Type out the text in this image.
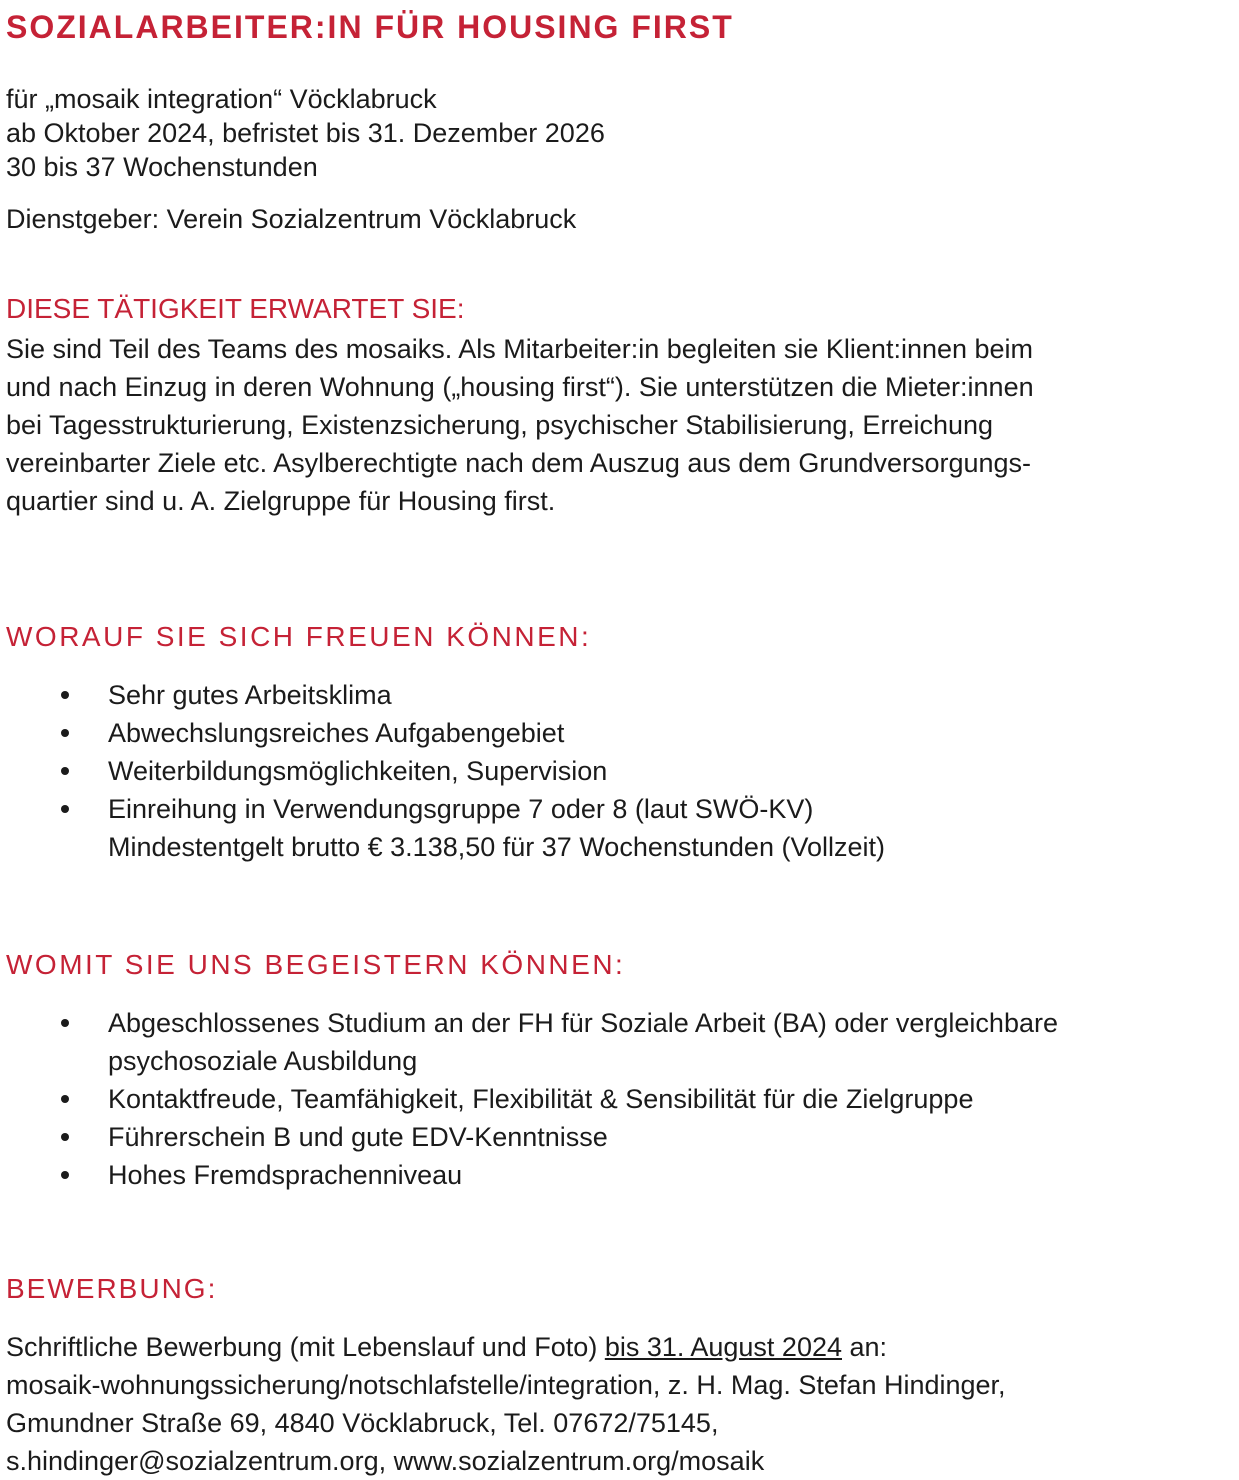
SOZIALARBEITER:IN FÜR HOUSING FIRST
für „mosaik integration“ Vöcklabruck
ab Oktober 2024, befristet bis 31. Dezember 2026
30 bis 37 Wochenstunden
Dienstgeber: Verein Sozialzentrum Vöcklabruck
DIESE TÄTIGKEIT ERWARTET SIE:
Sie sind Teil des Teams des mosaiks. Als Mitarbeiter:in begleiten sie Klient:innen beim
und nach Einzug in deren Wohnung („housing first“). Sie unterstützen die Mieter:innen
bei Tagesstrukturierung, Existenzsicherung, psychischer Stabilisierung, Erreichung
vereinbarter Ziele etc. Asylberechtigte nach dem Auszug aus dem Grundversorgungs-
quartier sind u. A. Zielgruppe für Housing first.
WORAUF SIE SICH FREUEN KÖNNEN:
Sehr gutes Arbeitsklima
Abwechslungsreiches Aufgabengebiet
Weiterbildungsmöglichkeiten, Supervision
Einreihung in Verwendungsgruppe 7 oder 8 (laut SWÖ-KV)
Mindestentgelt brutto € 3.138,50 für 37 Wochenstunden (Vollzeit)
WOMIT SIE UNS BEGEISTERN KÖNNEN:
Abgeschlossenes Studium an der FH für Soziale Arbeit (BA) oder vergleichbare
psychosoziale Ausbildung
Kontaktfreude, Teamfähigkeit, Flexibilität & Sensibilität für die Zielgruppe
Führerschein B und gute EDV-Kenntnisse
Hohes Fremdsprachenniveau
BEWERBUNG:
Schriftliche Bewerbung (mit Lebenslauf und Foto) bis 31. August 2024 an:
mosaik-wohnungssicherung/notschlafstelle/integration, z. H. Mag. Stefan Hindinger,
Gmundner Straße 69, 4840 Vöcklabruck, Tel. 07672/75145,
s.hindinger@sozialzentrum.org, www.sozialzentrum.org/mosaik
